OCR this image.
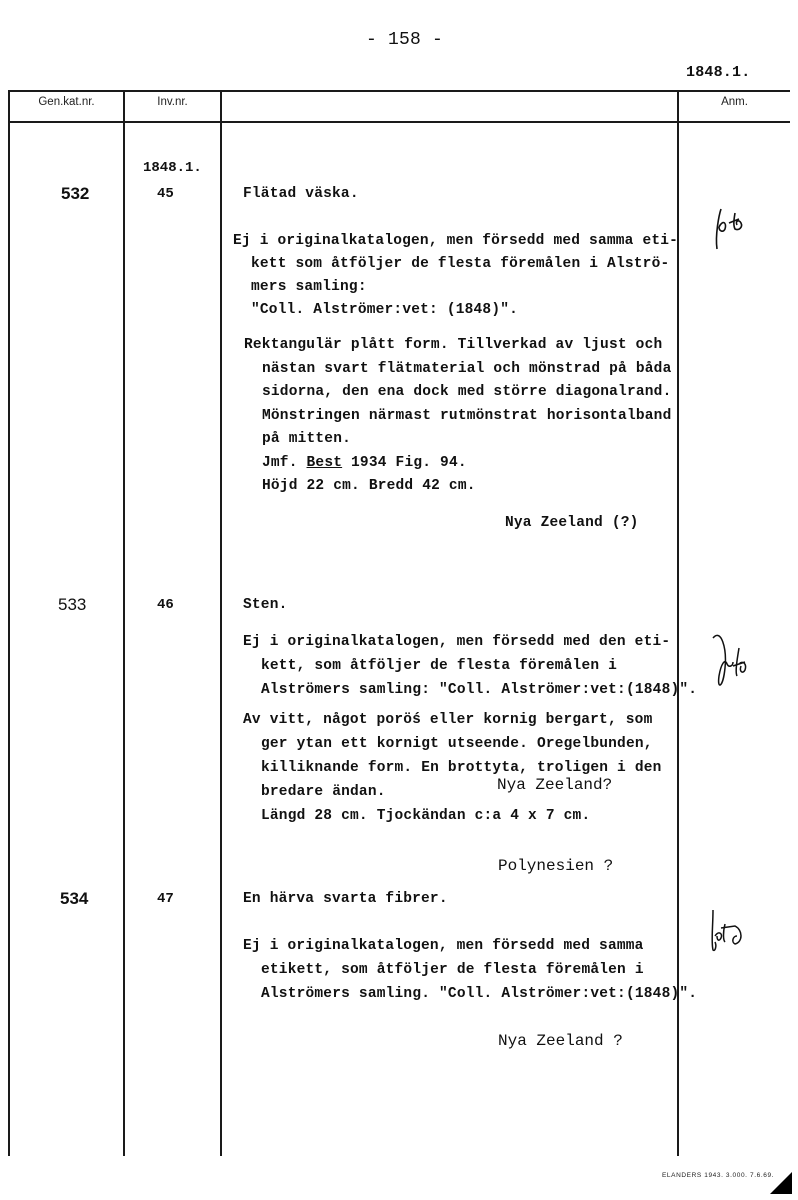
- 158 -
1848.1.
Gen.kat.nr.	Inv.nr.	Anm.
1848.1.
532	45	Flätad väska.
Ej i originalkatalogen, men försedd med samma eti-
kett som åtföljer de flesta föremålen i Alströ-
mers samling:
"Coll. Alströmer:vet: (1848)".
Rektangulär plått form. Tillverkad av ljust och
nästan svart flätmaterial och mönstrad på båda
sidorna, den ena dock med större diagonalrand.
Mönstringen närmast rutmönstrat horisontalband
på mitten.
Jmf. Best 1934 Fig. 94.
Höjd 22 cm. Bredd 42 cm.
Nya Zeeland (?)
533	46	Sten.
Ej i originalkatalogen, men försedd med den eti-
kett, som åtföljer de flesta föremålen i
Alströmers samling: "Coll. Alströmer:vet:(1848)".
Av vitt, något poröś eller kornig bergart, som
ger ytan ett kornigt utseende. Oregelbunden,
killiknande form. En brottyta, troligen i den
bredare ändan.
Längd 28 cm. Tjockändan c:a 4 x 7 cm.
Nya Zeeland?
Polynesien ?
534	47	En härva svarta fibrer.
Ej i originalkatalogen, men försedd med samma
etikett, som åtföljer de flesta föremålen i
Alströmers samling. "Coll. Alströmer:vet:(1848)".
Nya Zeeland ?
ELANDERS 1943. 3.000. 7.6.69.
